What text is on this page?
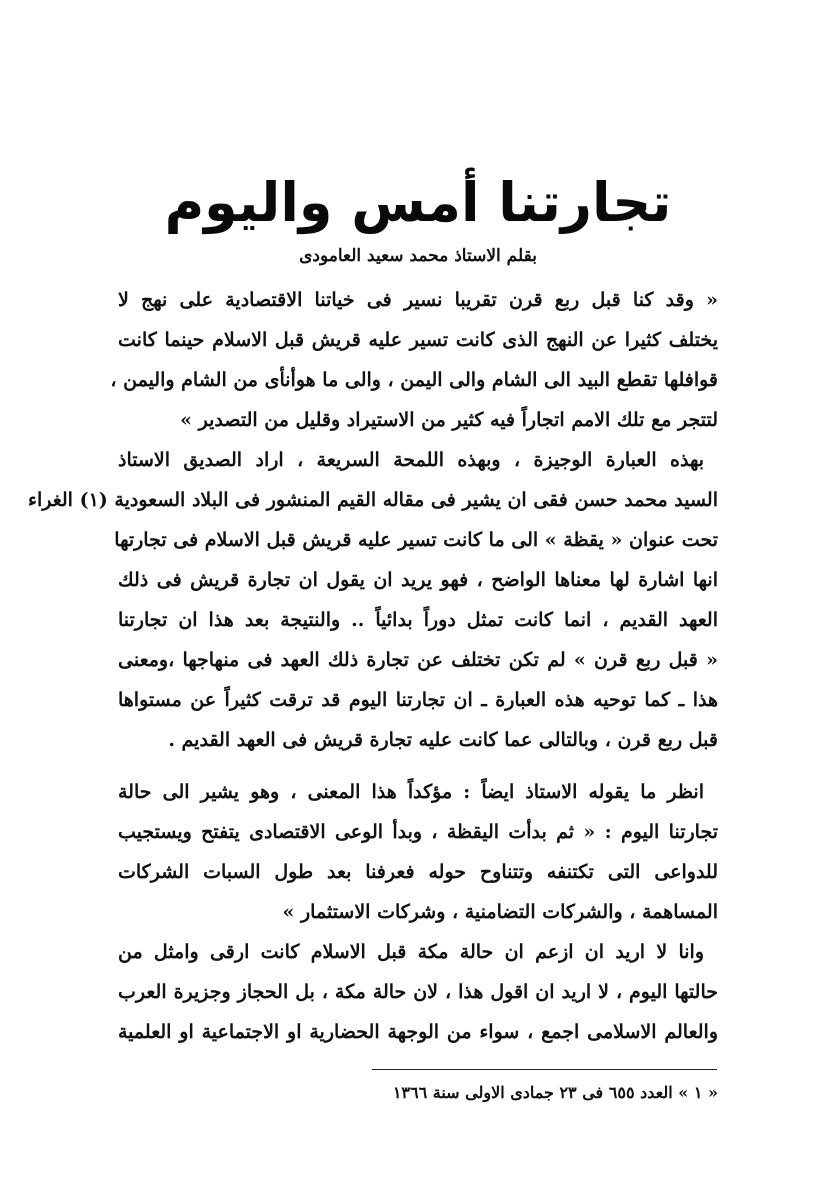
تجارتنا أمس واليوم

بقلم الاستاذ محمد سعيد العامودى

« وقد كنا قبل ربع قرن تقريبا نسير فى خياتنا الاقتصادية على نهج لا

يختلف كثيرا عن النهج الذى كانت تسير عليه قريش قبل الاسلام حينما كانت

قوافلها تقطع البيد الى الشام والى اليمن ، والى ما هوأنأى من الشام واليمن ،

لتتجر مع تلك الامم اتجاراً فيه كثير من الاستيراد وقليل من التصدير »

بهذه العبارة الوجيزة ، وبهذه اللمحة السريعة ، اراد الصديق الاستاذ

السيد محمد حسن فقى ان يشير فى مقاله القيم المنشور فى البلاد السعودية (١) الغراء

تحت عنوان « يقظة » الى ما كانت تسير عليه قريش قبل الاسلام فى تجارتها

انها اشارة لها معناها الواضح ، فهو يريد ان يقول ان تجارة قريش فى ذلك

العهد القديم ، انما كانت تمثل دوراً بدائياً .. والنتيجة بعد هذا ان تجارتنا

« قبل ربع قرن » لم تكن تختلف عن تجارة ذلك العهد فى منهاجها ،ومعنى

هذا ـ كما توحيه هذه العبارة ـ ان تجارتنا اليوم قد ترقت كثيراً عن مستواها

قبل ربع قرن ، وبالتالى عما كانت عليه تجارة قريش فى العهد القديم .

انظر ما يقوله الاستاذ ايضاً : مؤكداً هذا المعنى ، وهو يشير الى حالة

تجارتنا اليوم : « ثم بدأت اليقظة ، وبدأ الوعى الاقتصادى يتفتح ويستجيب

للدواعى التى تكتنفه وتتناوح حوله فعرفنا بعد طول السبات الشركات

المساهمة ، والشركات التضامنية ، وشركات الاستثمار »

وانا لا اريد ان ازعم ان حالة مكة قبل الاسلام كانت ارقى وامثل من

حالتها اليوم ، لا اريد ان اقول هذا ، لان حالة مكة ، بل الحجاز وجزيرة العرب

والعالم الاسلامى اجمع ، سواء من الوجهة الحضارية او الاجتماعية او العلمية

« ١ » العدد ٦٥٥ فى ٢٣ جمادى الاولى سنة ١٣٦٦
